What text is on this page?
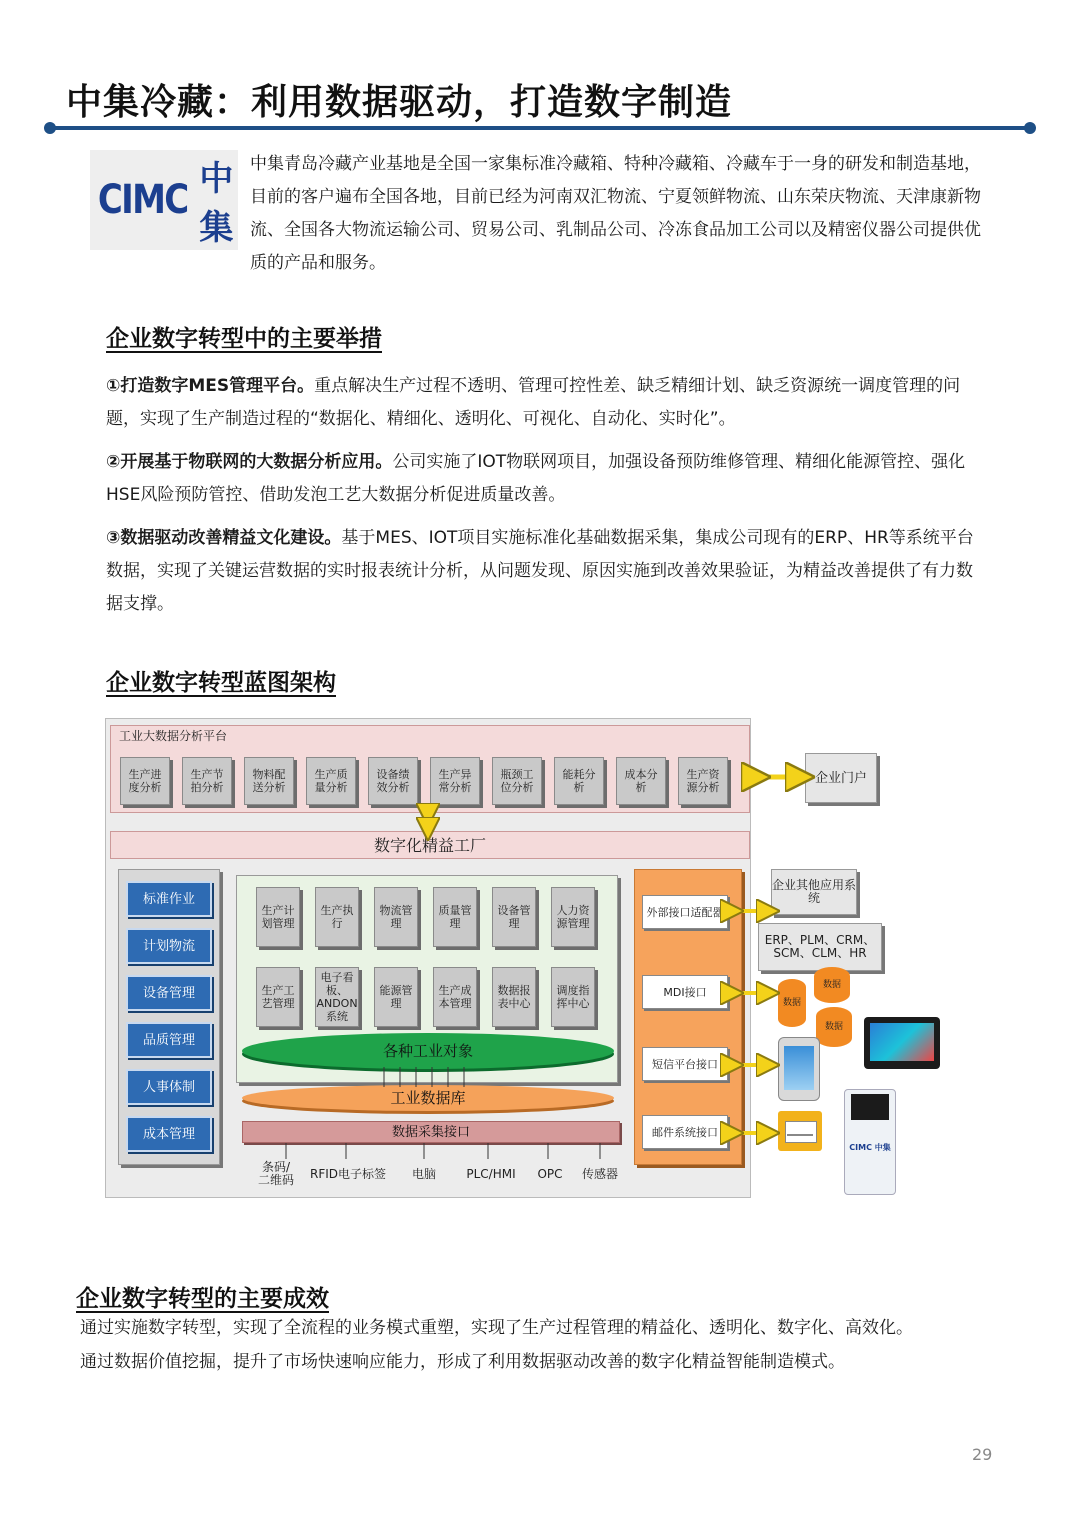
中集冷藏：利用数据驱动，打造数字制造
CIMC 中集
中集青岛冷藏产业基地是全国一家集标准冷藏箱、特种冷藏箱、冷藏车于一身的研发和制造基地，目前的客户遍布全国各地，目前已经为河南双汇物流、宁夏领鲜物流、山东荣庆物流、天津康新物流、全国各大物流运输公司、贸易公司、乳制品公司、冷冻食品加工公司以及精密仪器公司提供优质的产品和服务。
企业数字转型中的主要举措
①打造数字MES管理平台。重点解决生产过程不透明、管理可控性差、缺乏精细计划、缺乏资源统一调度管理的问题，实现了生产制造过程的“数据化、精细化、透明化、可视化、自动化、实时化”。
②开展基于物联网的大数据分析应用。公司实施了IOT物联网项目，加强设备预防维修管理、精细化能源管控、强化HSE风险预防管控、借助发泡工艺大数据分析促进质量改善。
③数据驱动改善精益文化建设。基于MES、IOT项目实施标准化基础数据采集，集成公司现有的ERP、HR等系统平台数据，实现了关键运营数据的实时报表统计分析，从问题发现、原因实施到改善效果验证，为精益改善提供了有力数据支撑。
企业数字转型蓝图架构
工业大数据分析平台
生产进度分析
生产节拍分析
物料配送分析
生产质量分析
设备绩效分析
生产异常分析
瓶颈工位分析
能耗分析
成本分析
生产资源分析
企业门户
数字化精益工厂
标准作业
计划物流
设备管理
品质管理
人事体制
成本管理
生产计划管理
生产执行
物流管理
质量管理
设备管理
人力资源管理
生产工艺管理
电子看板、ANDON系统
能源管理
生产成本管理
数据报表中心
调度指挥中心
各种工业对象
工业数据库
数据采集接口
条码/二维码	RFID电子标签	电脑	PLC/HMI	OPC	传感器
外部接口适配器
MDI接口
短信平台接口
邮件系统接口
企业其他应用系统
ERP、PLM、CRM、SCM、CLM、HR
数据
数据
数据
CIMC 中集
企业数字转型的主要成效
通过实施数字转型，实现了全流程的业务模式重塑，实现了生产过程管理的精益化、透明化、数字化、高效化。
通过数据价值挖掘，提升了市场快速响应能力，形成了利用数据驱动改善的数字化精益智能制造模式。
29
